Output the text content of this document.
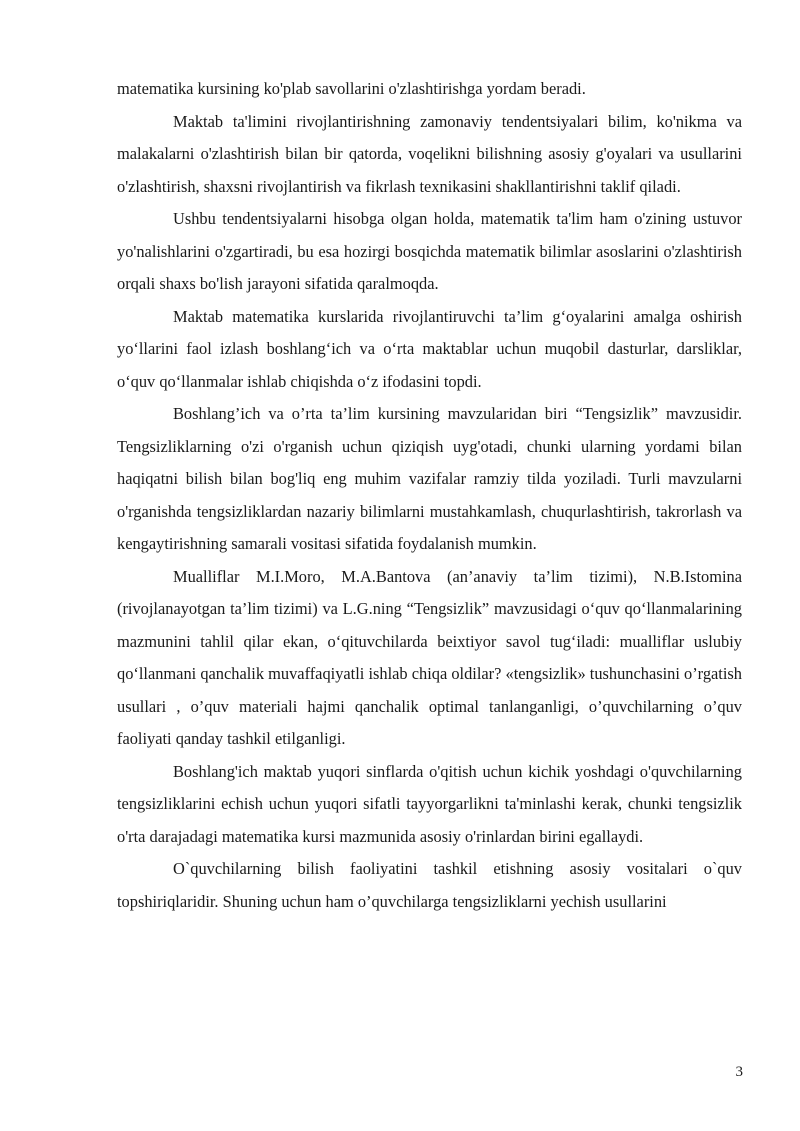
matematika kursining ko'plab savollarini o'zlashtirishga yordam beradi.

Maktab ta'limini rivojlantirishning zamonaviy tendentsiyalari bilim, ko'nikma va malakalarni o'zlashtirish bilan bir qatorda, voqelikni bilishning asosiy g'oyalari va usullarini o'zlashtirish, shaxsni rivojlantirish va fikrlash texnikasini shakllantirishni taklif qiladi.

Ushbu tendentsiyalarni hisobga olgan holda, matematik ta'lim ham o'zining ustuvor yo'nalishlarini o'zgartiradi, bu esa hozirgi bosqichda matematik bilimlar asoslarini o'zlashtirish orqali shaxs bo'lish jarayoni sifatida qaralmoqda.

Maktab matematika kurslarida rivojlantiruvchi ta’lim g‘oyalarini amalga oshirish yo‘llarini faol izlash boshlang‘ich va o‘rta maktablar uchun muqobil dasturlar, darsliklar, o‘quv qo‘llanmalar ishlab chiqishda o‘z ifodasini topdi.

Boshlang’ich va o’rta ta’lim kursining mavzularidan biri “Tengsizlik” mavzusidir. Tengsizliklarning o'zi o'rganish uchun qiziqish uyg'otadi, chunki ularning yordami bilan haqiqatni bilish bilan bog'liq eng muhim vazifalar ramziy tilda yoziladi. Turli mavzularni o'rganishda tengsizliklardan nazariy bilimlarni mustahkamlash, chuqurlashtirish, takrorlash va kengaytirishning samarali vositasi sifatida foydalanish mumkin.

Mualliflar M.I.Moro, M.A.Bantova (an’anaviy ta’lim tizimi), N.B.Istomina (rivojlanayotgan ta’lim tizimi) va L.G.ning “Tengsizlik” mavzusidagi o‘quv qo‘llanmalarining mazmunini tahlil qilar ekan, o‘qituvchilarda beixtiyor savol tug‘iladi: mualliflar uslubiy qo‘llanmani qanchalik muvaffaqiyatli ishlab chiqa oldilar? «tengsizlik» tushunchasini o’rgatish usullari , o’quv materiali hajmi qanchalik optimal tanlanganligi, o’quvchilarning o’quv faoliyati qanday tashkil etilganligi.

Boshlang'ich maktab yuqori sinflarda o'qitish uchun kichik yoshdagi o'quvchilarning tengsizliklarini echish uchun yuqori sifatli tayyorgarlikni ta'minlashi kerak, chunki tengsizlik o'rta darajadagi matematika kursi mazmunida asosiy o'rinlardan birini egallaydi.

O`quvchilarning bilish faoliyatini tashkil etishning asosiy vositalari o`quv topshiriqlaridir. Shuning uchun ham o’quvchilarga tengsizliklarni yechish usullarini

3
